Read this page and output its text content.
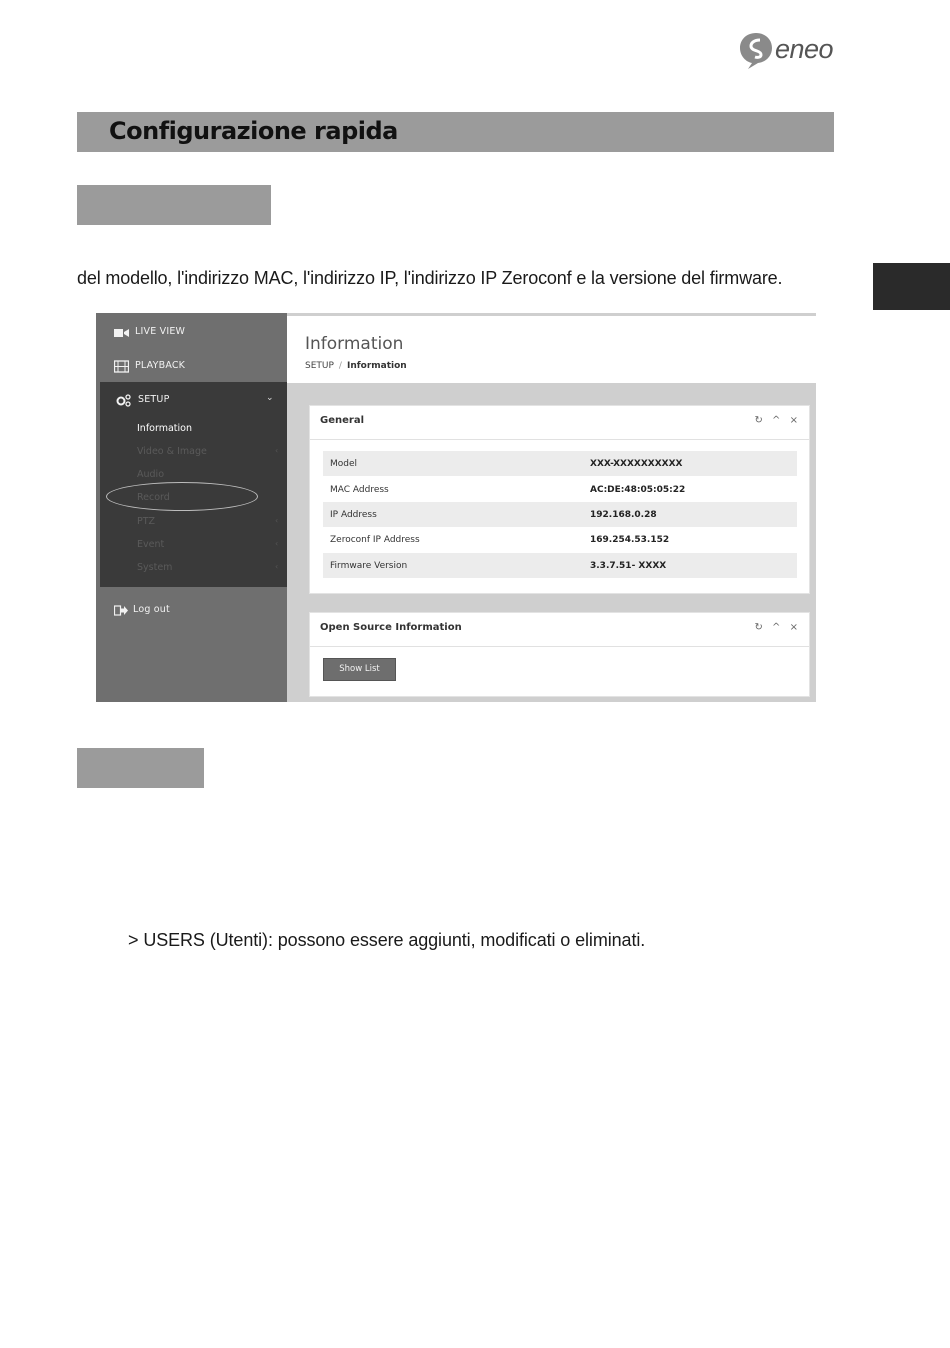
eneo
Configurazione rapida
del modello, l'indirizzo MAC, l'indirizzo IP, l'indirizzo IP Zeroconf e la versione del firmware.
LIVE VIEW
PLAYBACK
SETUP	⌄
Information
Video & Image	‹
Audio
Record
PTZ	‹
Event	‹
System	‹
Log out
Information
SETUP / Information
General	↻ ^ ×
Model	XXX-XXXXXXXXXX
MAC Address	AC:DE:48:05:05:22
IP Address	192.168.0.28
Zeroconf IP Address	169.254.53.152
Firmware Version	3.3.7.51- XXXX
Open Source Information	↻ ^ ×
Show List
> USERS (Utenti): possono essere aggiunti, modificati o eliminati.
